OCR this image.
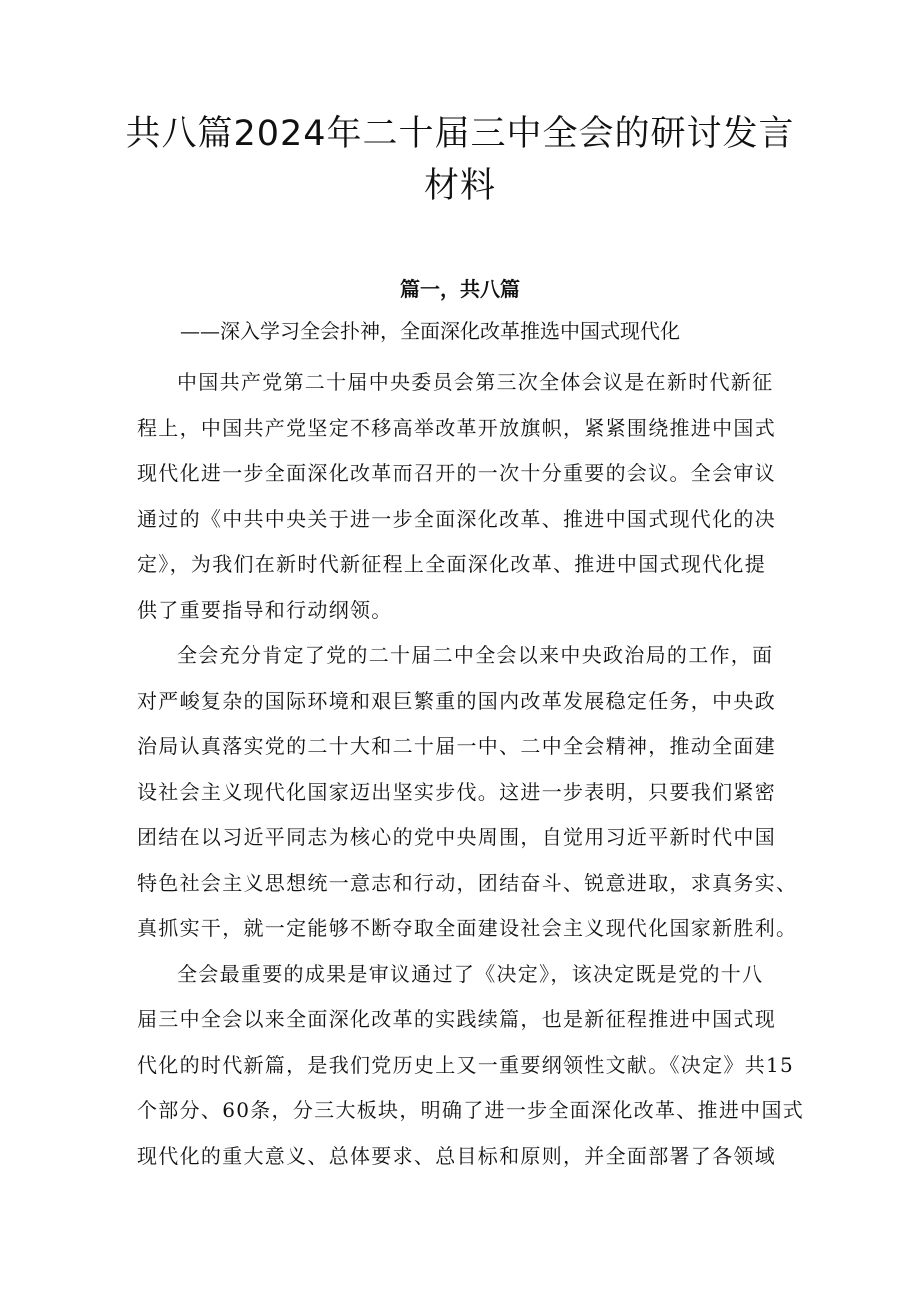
共八篇2024年二十届三中全会的研讨发言
材料
篇一，共八篇

——深入学习全会扑神，全面深化改革推选中国式现代化

中国共产党第二十届中央委员会第三次全体会议是在新时代新征
程上，中国共产党坚定不移高举改革开放旗帜，紧紧围绕推进中国式
现代化进一步全面深化改革而召开的一次十分重要的会议。全会审议
通过的《中共中央关于进一步全面深化改革、推进中国式现代化的决
定》，为我们在新时代新征程上全面深化改革、推进中国式现代化提
供了重要指导和行动纲领。

全会充分肯定了党的二十届二中全会以来中央政治局的工作，面
对严峻复杂的国际环境和艰巨繁重的国内改革发展稳定任务，中央政
治局认真落实党的二十大和二十届一中、二中全会精神，推动全面建
设社会主义现代化国家迈出坚实步伐。这进一步表明，只要我们紧密
团结在以习近平同志为核心的党中央周围，自觉用习近平新时代中国
特色社会主义思想统一意志和行动，团结奋斗、锐意进取，求真务实、
真抓实干，就一定能够不断夺取全面建设社会主义现代化国家新胜利。

全会最重要的成果是审议通过了《决定》，该决定既是党的十八
届三中全会以来全面深化改革的实践续篇，也是新征程推进中国式现
代化的时代新篇，是我们党历史上又一重要纲领性文献。《决定》共15
个部分、60条，分三大板块，明确了进一步全面深化改革、推进中国式
现代化的重大意义、总体要求、总目标和原则，并全面部署了各领域
